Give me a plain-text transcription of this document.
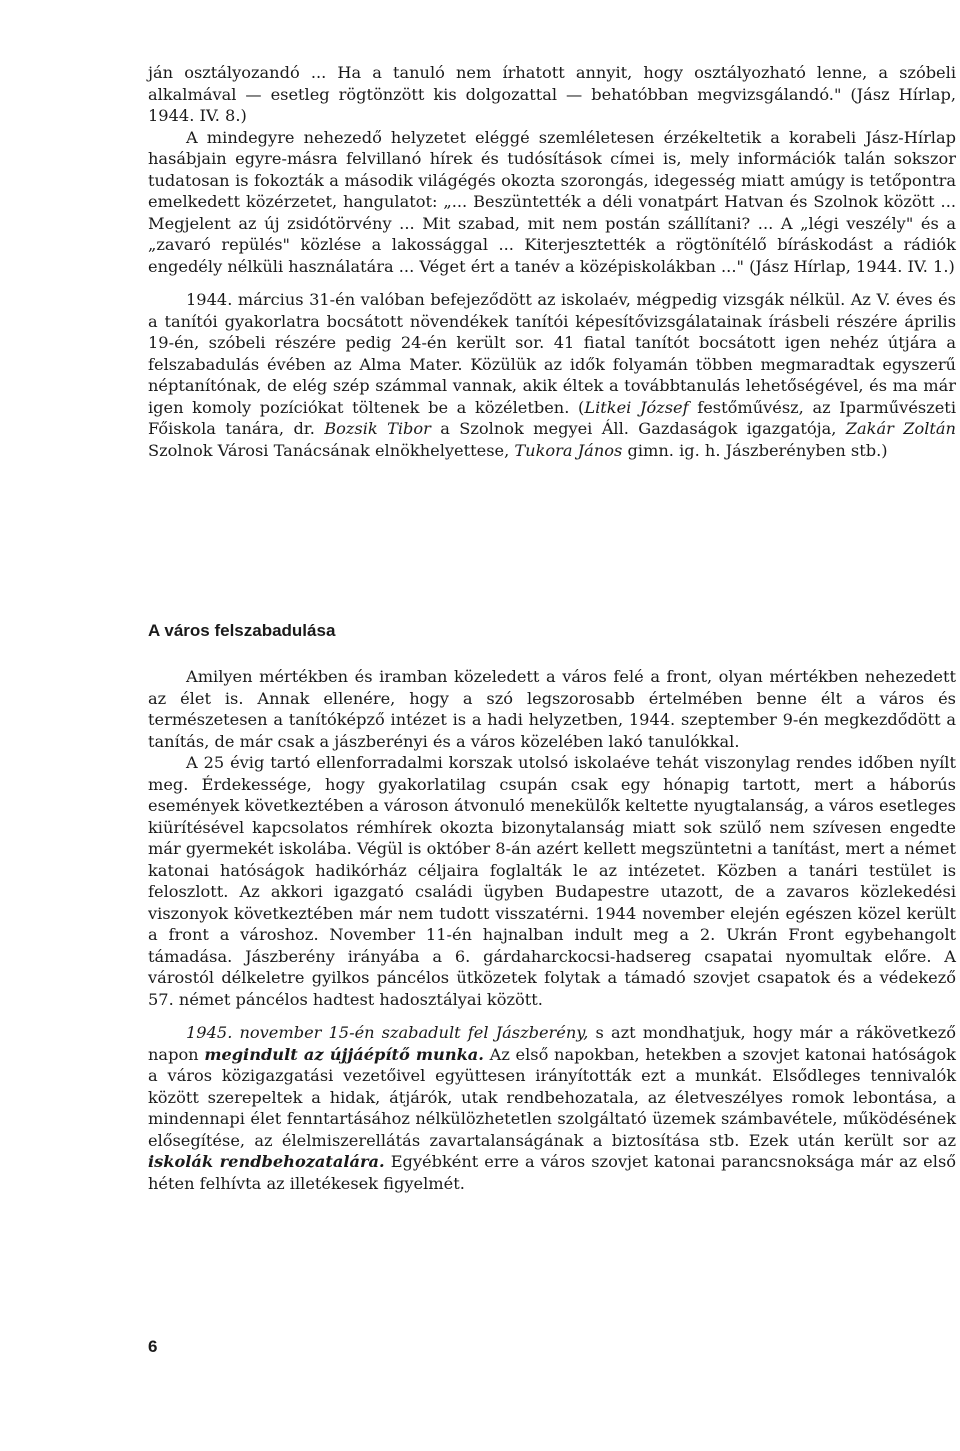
ján osztályozandó ... Ha a tanuló nem írhatott annyit, hogy osztályozható lenne, a szóbeli alkalmával — esetleg rögtönzött kis dolgozattal — behatóbban megvizsgálandó." (Jász Hírlap, 1944. IV. 8.)

A mindegyre nehezedő helyzetet eléggé szemléletesen érzékeltetik a korabeli Jász-Hírlap hasábjain egyre-másra felvillanó hírek és tudósítások címei is, mely információk talán sokszor tudatosan is fokozták a második világégés okozta szorongás, idegesség miatt amúgy is tetőpontra emelkedett közérzetet, hangulatot: „... Beszüntették a déli vonatpárt Hatvan és Szolnok között ... Megjelent az új zsidótörvény ... Mit szabad, mit nem postán szállítani? ... A „légi veszély" és a „zavaró repülés" közlése a lakossággal ... Kiterjesztették a rögtönítélő bíráskodást a rádiók engedély nélküli használatára ... Véget ért a tanév a középiskolákban ..." (Jász Hírlap, 1944. IV. 1.)

1944. március 31-én valóban befejeződött az iskolaév, mégpedig vizsgák nélkül. Az V. éves és a tanítói gyakorlatra bocsátott növendékek tanítói képesítővizsgálatainak írásbeli részére április 19-én, szóbeli részére pedig 24-én került sor. 41 fiatal tanítót bocsátott igen nehéz útjára a felszabadulás évében az Alma Mater. Közülük az idők folyamán többen megmaradtak egyszerű néptanítónak, de elég szép számmal vannak, akik éltek a továbbtanulás lehetőségével, és ma már igen komoly pozíciókat töltenek be a közéletben. (Litkei József festőművész, az Iparművészeti Főiskola tanára, dr. Bozsik Tibor a Szolnok megyei Áll. Gazdaságok igazgatója, Zakár Zoltán Szolnok Városi Tanácsának elnökhelyettese, Tukora János gimn. ig. h. Jászberényben stb.)

A város felszabadulása

Amilyen mértékben és iramban közeledett a város felé a front, olyan mértékben nehezedett az élet is. Annak ellenére, hogy a szó legszorosabb értelmében benne élt a város és természetesen a tanítóképző intézet is a hadi helyzetben, 1944. szeptember 9-én megkezdődött a tanítás, de már csak a jászberényi és a város közelében lakó tanulókkal.

A 25 évig tartó ellenforradalmi korszak utolsó iskolaéve tehát viszonylag rendes időben nyílt meg. Érdekessége, hogy gyakorlatilag csupán csak egy hónapig tartott, mert a háborús események következtében a városon átvonuló menekülők keltette nyugtalanság, a város esetleges kiürítésével kapcsolatos rémhírek okozta bizonytalanság miatt sok szülő nem szívesen engedte már gyermekét iskolába. Végül is október 8-án azért kellett megszüntetni a tanítást, mert a német katonai hatóságok hadikórház céljaira foglalták le az intézetet. Közben a tanári testület is feloszlott. Az akkori igazgató családi ügyben Budapestre utazott, de a zavaros közlekedési viszonyok következtében már nem tudott visszatérni. 1944 november elején egészen közel került a front a városhoz. November 11-én hajnalban indult meg a 2. Ukrán Front egybehangolt támadása. Jászberény irányába a 6. gárdaharckocsi-hadsereg csapatai nyomultak előre. A várostól délkeletre gyilkos páncélos ütközetek folytak a támadó szovjet csapatok és a védekező 57. német páncélos hadtest hadosztályai között.

1945. november 15-én szabadult fel Jászberény, s azt mondhatjuk, hogy már a rákövetkező napon megindult az újjáépítő munka. Az első napokban, hetekben a szovjet katonai hatóságok a város közigazgatási vezetőivel együttesen irányították ezt a munkát. Elsődleges tennivalók között szerepeltek a hidak, átjárók, utak rendbehozatala, az életveszélyes romok lebontása, a mindennapi élet fenntartásához nélkülözhetetlen szolgáltató üzemek számbavétele, működésének elősegítése, az élelmiszerellátás zavartalanságának a biztosítása stb. Ezek után került sor az iskolák rendbehozatalára. Egyébként erre a város szovjet katonai parancsnoksága már az első héten felhívta az illetékesek figyelmét.

6
